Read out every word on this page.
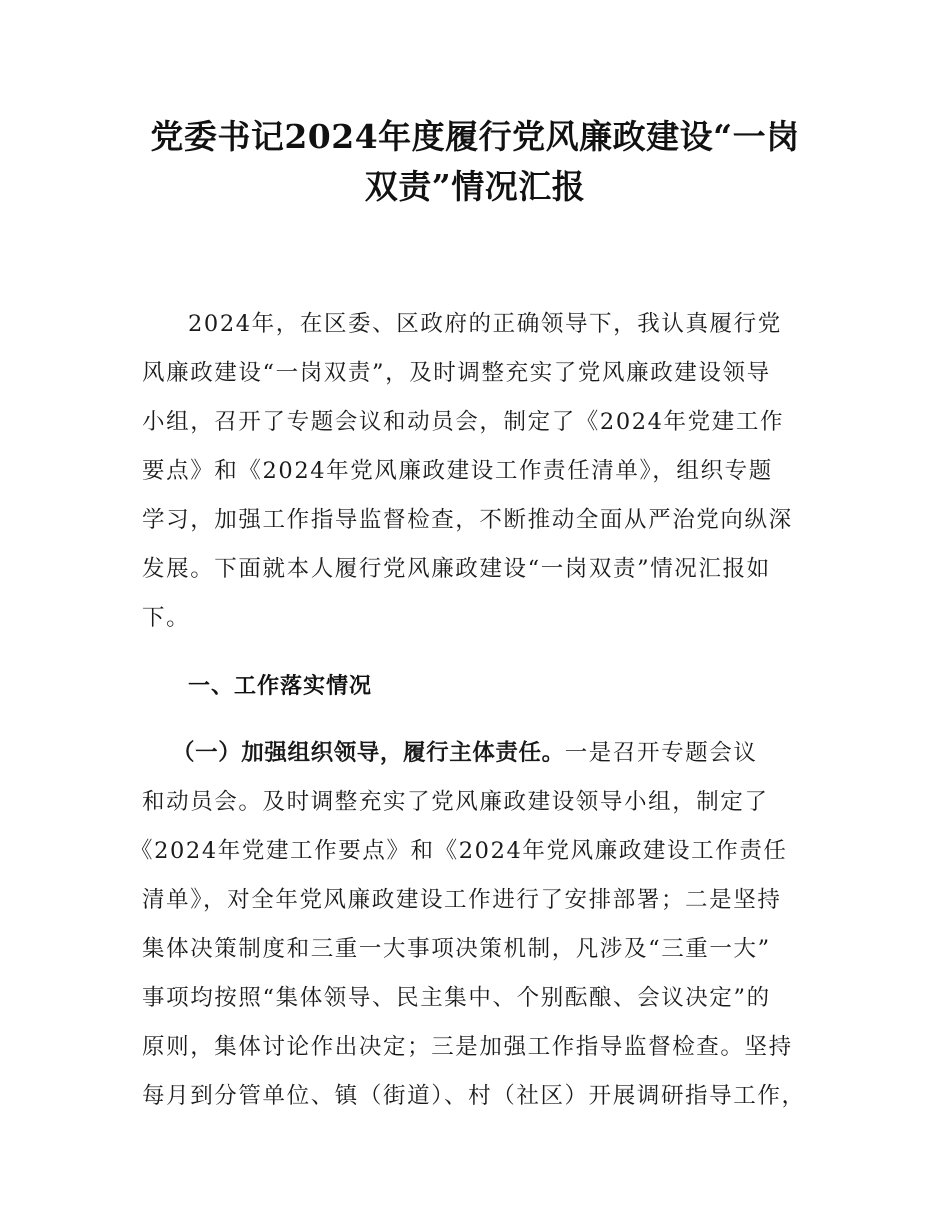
党委书记2024年度履行党风廉政建设“一岗
双责”情况汇报

2024年，在区委、区政府的正确领导下，我认真履行党

风廉政建设“一岗双责”，及时调整充实了党风廉政建设领导

小组，召开了专题会议和动员会，制定了《2024年党建工作

要点》和《2024年党风廉政建设工作责任清单》，组织专题

学习，加强工作指导监督检查，不断推动全面从严治党向纵深

发展。下面就本人履行党风廉政建设“一岗双责”情况汇报如

下。

一、工作落实情况

（一）加强组织领导，履行主体责任。一是召开专题会议

和动员会。及时调整充实了党风廉政建设领导小组，制定了

《2024年党建工作要点》和《2024年党风廉政建设工作责任

清单》，对全年党风廉政建设工作进行了安排部署；二是坚持

集体决策制度和三重一大事项决策机制，凡涉及“三重一大”

事项均按照“集体领导、民主集中、个别酝酿、会议决定”的

原则，集体讨论作出决定；三是加强工作指导监督检查。坚持

每月到分管单位、镇（街道）、村（社区）开展调研指导工作，
